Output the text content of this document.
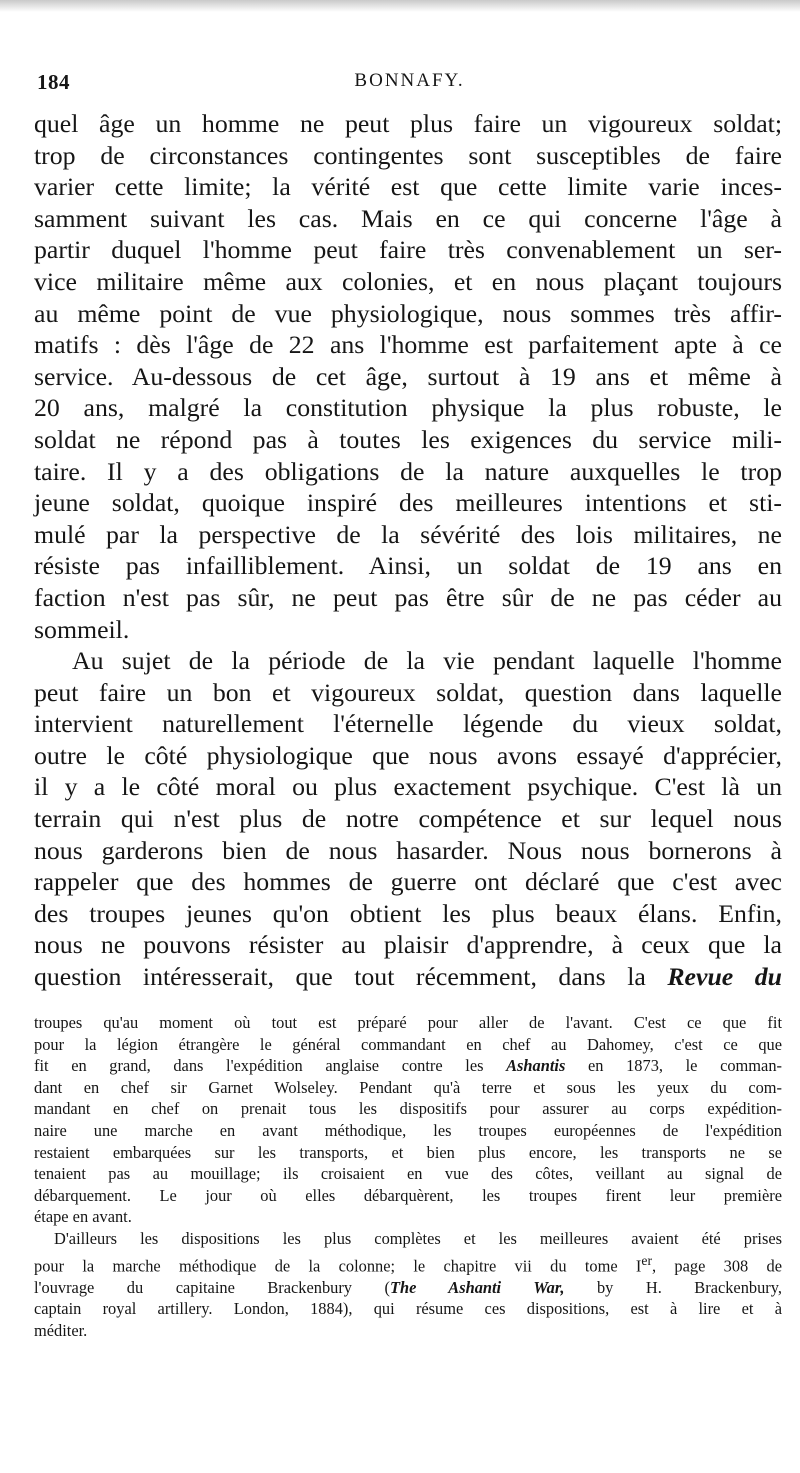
184	BONNAFY.
quel âge un homme ne peut plus faire un vigoureux soldat;
trop de circonstances contingentes sont susceptibles de faire
varier cette limite; la vérité est que cette limite varie inces-
samment suivant les cas. Mais en ce qui concerne l'âge à
partir duquel l'homme peut faire très convenablement un ser-
vice militaire même aux colonies, et en nous plaçant toujours
au même point de vue physiologique, nous sommes très affir-
matifs : dès l'âge de 22 ans l'homme est parfaitement apte à ce
service. Au-dessous de cet âge, surtout à 19 ans et même à
20 ans, malgré la constitution physique la plus robuste, le
soldat ne répond pas à toutes les exigences du service mili-
taire. Il y a des obligations de la nature auxquelles le trop
jeune soldat, quoique inspiré des meilleures intentions et sti-
mulé par la perspective de la sévérité des lois militaires, ne
résiste pas infailliblement. Ainsi, un soldat de 19 ans en
faction n'est pas sûr, ne peut pas être sûr de ne pas céder au
sommeil.
Au sujet de la période de la vie pendant laquelle l'homme
peut faire un bon et vigoureux soldat, question dans laquelle
intervient naturellement l'éternelle légende du vieux soldat,
outre le côté physiologique que nous avons essayé d'apprécier,
il y a le côté moral ou plus exactement psychique. C'est là un
terrain qui n'est plus de notre compétence et sur lequel nous
nous garderons bien de nous hasarder. Nous nous bornerons à
rappeler que des hommes de guerre ont déclaré que c'est avec
des troupes jeunes qu'on obtient les plus beaux élans. Enfin,
nous ne pouvons résister au plaisir d'apprendre, à ceux que la
question intéresserait, que tout récemment, dans la Revue du
troupes qu'au moment où tout est préparé pour aller de l'avant. C'est ce que fit
pour la légion étrangère le général commandant en chef au Dahomey, c'est ce que
fit en grand, dans l'expédition anglaise contre les Ashantis en 1873, le comman-
dant en chef sir Garnet Wolseley. Pendant qu'à terre et sous les yeux du com-
mandant en chef on prenait tous les dispositifs pour assurer au corps expédition-
naire une marche en avant méthodique, les troupes européennes de l'expédition
restaient embarquées sur les transports, et bien plus encore, les transports ne se
tenaient pas au mouillage; ils croisaient en vue des côtes, veillant au signal de
débarquement. Le jour où elles débarquèrent, les troupes firent leur première
étape en avant.
D'ailleurs les dispositions les plus complètes et les meilleures avaient été prises
pour la marche méthodique de la colonne; le chapitre vii du tome Ier, page 308 de
l'ouvrage du capitaine Brackenbury (The Ashanti War, by H. Brackenbury,
captain royal artillery. London, 1884), qui résume ces dispositions, est à lire et à
méditer.
